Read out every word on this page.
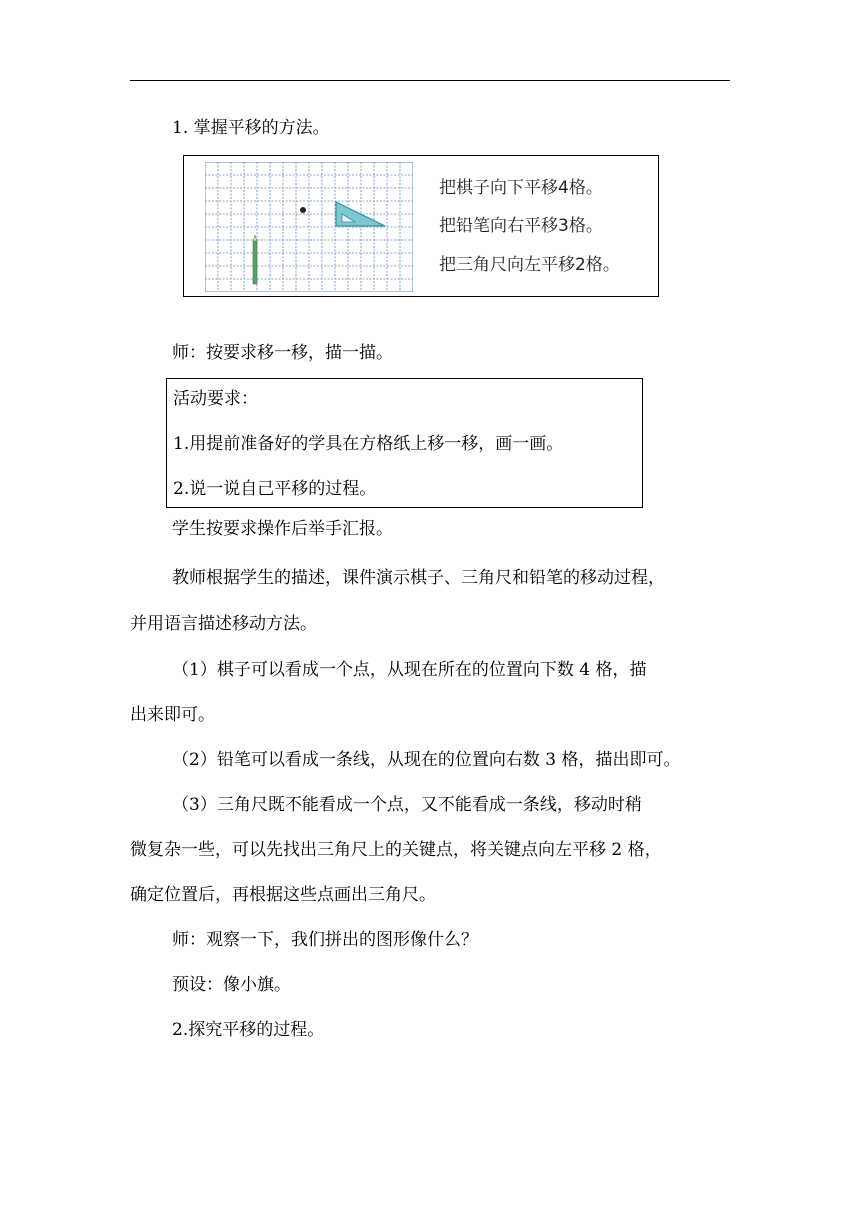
1. 掌握平移的方法。
把棋子向下平移4格。
把铅笔向右平移3格。
把三角尺向左平移2格。
师：按要求移一移，描一描。
活动要求：
1.用提前准备好的学具在方格纸上移一移，画一画。
2.说一说自己平移的过程。
学生按要求操作后举手汇报。
教师根据学生的描述，课件演示棋子、三角尺和铅笔的移动过程，
并用语言描述移动方法。
（1）棋子可以看成一个点，从现在所在的位置向下数 4 格，描
出来即可。
（2）铅笔可以看成一条线，从现在的位置向右数 3 格，描出即可。
（3）三角尺既不能看成一个点，又不能看成一条线，移动时稍
微复杂一些，可以先找出三角尺上的关键点，将关键点向左平移 2 格，
确定位置后，再根据这些点画出三角尺。
师：观察一下，我们拼出的图形像什么？
预设：像小旗。
2.探究平移的过程。
